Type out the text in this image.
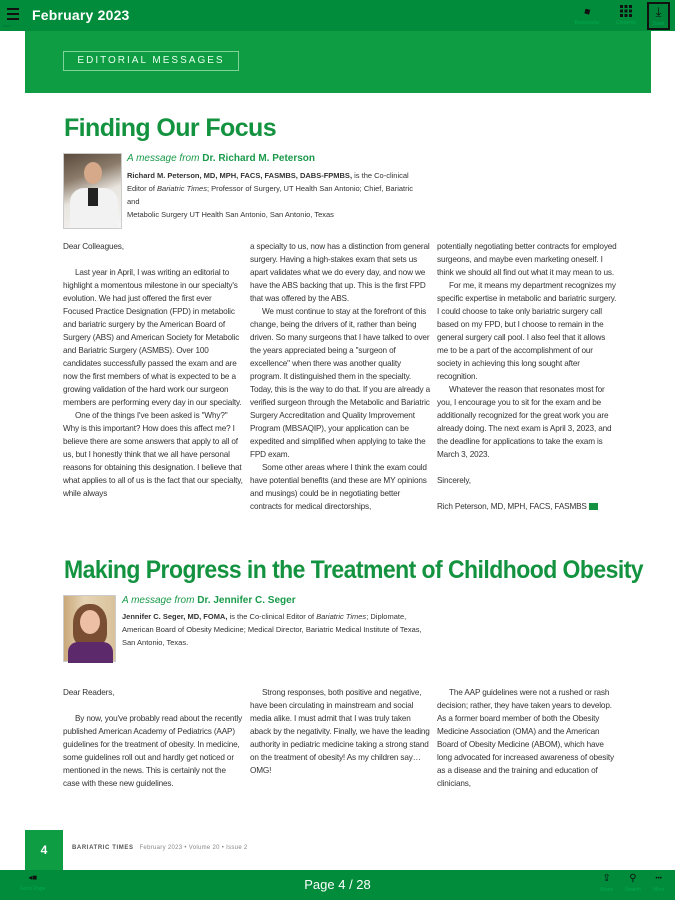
Menu
February 2023	◆
Bookmarks	Contents
⤓
Save
EDITORIAL MESSAGES
Finding Our Focus
A message from Dr. Richard M. Peterson
Richard M. Peterson, MD, MPH, FACS, FASMBS, DABS-FPMBS, is the Co-clinical
Editor of Bariatric Times; Professor of Surgery, UT Health San Antonio; Chief, Bariatric and
Metabolic Surgery UT Health San Antonio, San Antonio, Texas

Dear Colleagues,

Last year in April, I was writing an editorial to highlight a momentous milestone in our specialty's evolution. We had just offered the first ever Focused Practice Designation (FPD) in metabolic and bariatric surgery by the American Board of Surgery (ABS) and American Society for Metabolic and Bariatric Surgery (ASMBS). Over 100 candidates successfully passed the exam and are now the first members of what is expected to be a growing validation of the hard work our surgeon members are performing every day in our specialty.

One of the things I've been asked is "Why?" Why is this important? How does this affect me? I believe there are some answers that apply to all of us, but I honestly think that we all have personal reasons for obtaining this designation. I believe that what applies to all of us is the fact that our specialty, while always

a specialty to us, now has a distinction from general surgery. Having a high-stakes exam that sets us apart validates what we do every day, and now we have the ABS backing that up. This is the first FPD that was offered by the ABS.

We must continue to stay at the forefront of this change, being the drivers of it, rather than being driven. So many surgeons that I have talked to over the years appreciated being a "surgeon of excellence" when there was another quality program. It distinguished them in the specialty. Today, this is the way to do that. If you are already a verified surgeon through the Metabolic and Bariatric Surgery Accreditation and Quality Improvement Program (MBSAQIP), your application can be expedited and simplified when applying to take the FPD exam.

Some other areas where I think the exam could have potential benefits (and these are MY opinions and musings) could be in negotiating better contracts for medical directorships,

potentially negotiating better contracts for employed surgeons, and maybe even marketing oneself. I think we should all find out what it may mean to us.

For me, it means my department recognizes my specific expertise in metabolic and bariatric surgery. I could choose to take only bariatric surgery call based on my FPD, but I choose to remain in the general surgery call pool. I also feel that it allows me to be a part of the accomplishment of our society in achieving this long sought after recognition.

Whatever the reason that resonates most for you, I encourage you to sit for the exam and be additionally recognized for the great work you are already doing. The next exam is April 3, 2023, and the deadline for applications to take the exam is March 3, 2023.

Sincerely,

Rich Peterson, MD, MPH, FACS, FASMBS

Making Progress in the Treatment of Childhood Obesity
A message from Dr. Jennifer C. Seger
Jennifer C. Seger, MD, FOMA, is the Co-clinical Editor of Bariatric Times; Diplomate,
American Board of Obesity Medicine; Medical Director, Bariatric Medical Institute of Texas,
San Antonio, Texas.

Dear Readers,

By now, you've probably read about the recently published American Academy of Pediatrics (AAP) guidelines for the treatment of obesity. In medicine, some guidelines roll out and hardly get noticed or mentioned in the news. This is certainly not the case with these new guidelines.

Strong responses, both positive and negative, have been circulating in mainstream and social media alike. I must admit that I was truly taken aback by the negativity. Finally, we have the leading authority in pediatric medicine taking a strong stand on the treatment of obesity! As my children say… OMG!

The AAP guidelines were not a rushed or rash decision; rather, they have taken years to develop. As a former board member of both the Obesity Medicine Association (OMA) and the American Board of Obesity Medicine (ABOM), which have long advocated for increased awareness of obesity as a disease and the training and education of clinicians,

4	BARIATRIC TIMES February 2023 • Volume 20 • Issue 2
◂■
Go to Page	Page 4 / 28	⇪
Share
⚲
Search
•••
More
